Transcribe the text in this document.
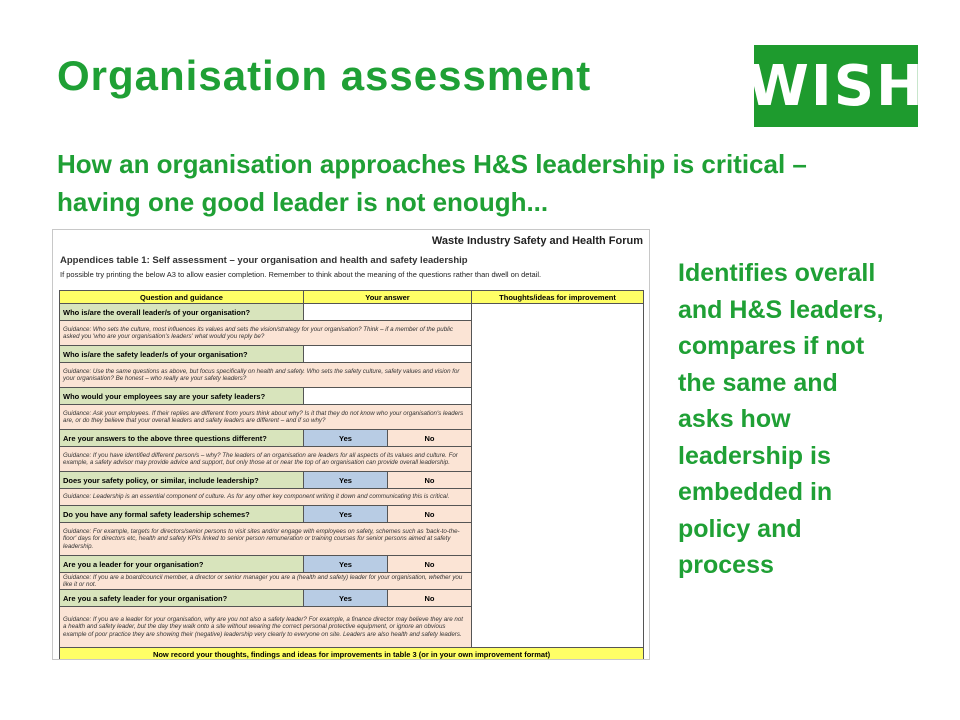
Organisation assessment	WISH
How an organisation approaches H&S leadership is critical – having one good leader is not enough...
Identifies overall and H&S leaders, compares if not the same and asks how leadership is embedded in policy and process
Waste Industry Safety and Health Forum
Appendices table 1: Self assessment – your organisation and health and safety leadership
If possible try printing the below A3 to allow easier completion. Remember to think about the meaning of the questions rather than dwell on detail.
Question and guidance	Your answer		Thoughts/ideas for improvement
Who is/are the overall leader/s of your organisation?			
Guidance: Who sets the culture, most influences its values and sets the vision/strategy for your organisation? Think – if a member of the public asked you 'who are your organisation's leaders' what would you reply be?			
Who is/are the safety leader/s of your organisation?			
Guidance: Use the same questions as above, but focus specifically on health and safety. Who sets the safety culture, safety values and vision for your organisation? Be honest – who really are your safety leaders?			
Who would your employees say are your safety leaders?			
Guidance: Ask your employees. If their replies are different from yours think about why? Is it that they do not know who your organisation's leaders are, or do they believe that your overall leaders and safety leaders are different – and if so why?			
Are your answers to the above three questions different?	Yes	No	
Guidance: If you have identified different person/s – why? The leaders of an organisation are leaders for all aspects of its values and culture. For example, a safety advisor may provide advice and support, but only those at or near the top of an organisation can provide overall leadership.			
Does your safety policy, or similar, include leadership?	Yes	No	
Guidance: Leadership is an essential component of culture. As for any other key component writing it down and communicating this is critical.			
Do you have any formal safety leadership schemes?	Yes	No	
Guidance: For example, targets for directors/senior persons to visit sites and/or engage with employees on safety, schemes such as 'back-to-the-floor' days for directors etc, health and safety KPIs linked to senior person remuneration or training courses for senior persons aimed at safety leadership.			
Are you a leader for your organisation?	Yes	No	
Guidance: If you are a board/council member, a director or senior manager you are a (health and safety) leader for your organisation, whether you like it or not.			
Are you a safety leader for your organisation?	Yes	No	
Guidance: If you are a leader for your organisation, why are you not also a safety leader? For example, a finance director may believe they are not a health and safety leader, but the day they walk onto a site without wearing the correct personal protective equipment, or ignore an obvious example of poor practice they are showing their (negative) leadership very clearly to everyone on site. Leaders are also health and safety leaders.			
Now record your thoughts, findings and ideas for improvements in table 3 (or in your own improvement format)			
